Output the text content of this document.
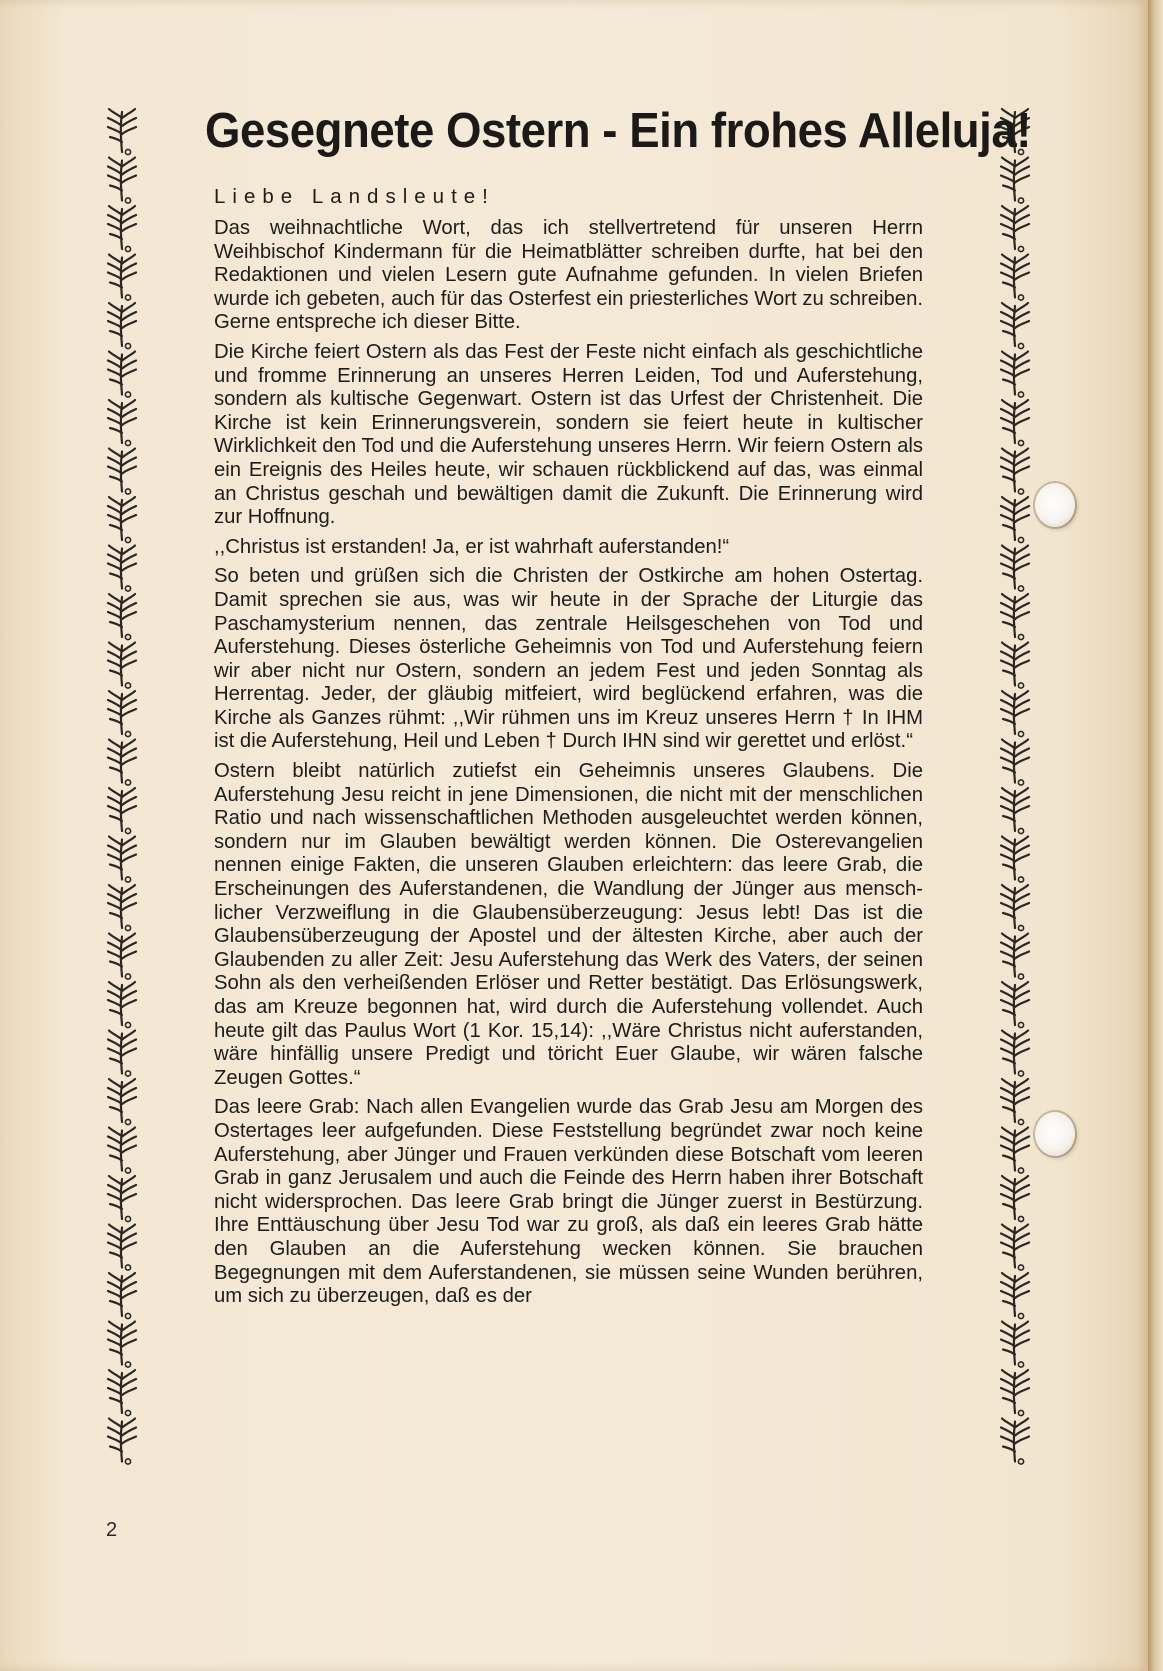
Gesegnete Ostern - Ein frohes Alleluja!
Liebe Landsleute!

Das weihnachtliche Wort, das ich stellvertretend für unseren Herrn Weihbischof Kindermann für die Heimatblätter schreiben durfte, hat bei den Redaktionen und vielen Lesern gute Aufnahme gefunden. In vielen Briefen wurde ich gebeten, auch für das Osterfest ein priesterliches Wort zu schreiben. Gerne entspreche ich dieser Bitte.

Die Kirche feiert Ostern als das Fest der Feste nicht einfach als geschichtliche und fromme Erinnerung an unseres Herren Leiden, Tod und Auferstehung, sondern als kultische Gegenwart. Ostern ist das Urfest der Christenheit. Die Kirche ist kein Erinnerungsverein, sondern sie feiert heute in kultischer Wirklichkeit den Tod und die Auferstehung unseres Herrn. Wir feiern Ostern als ein Ereignis des Heiles heute, wir schauen rückblickend auf das, was einmal an Christus geschah und bewältigen damit die Zukunft. Die Erinnerung wird zur Hoffnung.

,,Christus ist erstanden! Ja, er ist wahrhaft auferstanden!“

So beten und grüßen sich die Christen der Ostkirche am hohen Ostertag. Damit sprechen sie aus, was wir heute in der Sprache der Liturgie das Paschamysterium nennen, das zentrale Heilsgeschehen von Tod und Auferstehung. Dieses österliche Geheimnis von Tod und Auferstehung feiern wir aber nicht nur Ostern, sondern an jedem Fest und jeden Sonntag als Herrentag. Jeder, der gläubig mitfeiert, wird beglückend erfahren, was die Kirche als Ganzes rühmt: ,,Wir rühmen uns im Kreuz unseres Herrn † In IHM ist die Auferstehung, Heil und Leben † Durch IHN sind wir gerettet und erlöst.“

Ostern bleibt natürlich zutiefst ein Geheimnis unseres Glaubens. Die Auferstehung Jesu reicht in jene Dimensionen, die nicht mit der menschlichen Ratio und nach wissenschaftlichen Methoden ausgeleuchtet werden können, sondern nur im Glauben bewältigt werden können. Die Osterevangelien nennen einige Fakten, die unseren Glauben erleichtern: das leere Grab, die Erscheinungen des Auferstandenen, die Wandlung der Jünger aus menschlicher Verzweiflung in die Glaubensüberzeugung: Jesus lebt! Das ist die Glaubensüberzeugung der Apostel und der ältesten Kirche, aber auch der Glaubenden zu aller Zeit: Jesu Auferstehung das Werk des Vaters, der seinen Sohn als den verheißenden Erlöser und Retter bestätigt. Das Erlösungswerk, das am Kreuze begonnen hat, wird durch die Auferstehung vollendet. Auch heute gilt das Paulus Wort (1 Kor. 15,14): ,,Wäre Christus nicht auferstanden, wäre hinfällig unsere Predigt und töricht Euer Glaube, wir wären falsche Zeugen Gottes.“

Das leere Grab: Nach allen Evangelien wurde das Grab Jesu am Morgen des Ostertages leer aufgefunden. Diese Feststellung begründet zwar noch keine Auferstehung, aber Jünger und Frauen verkünden diese Botschaft vom leeren Grab in ganz Jerusalem und auch die Feinde des Herrn haben ihrer Botschaft nicht widersprochen. Das leere Grab bringt die Jünger zuerst in Bestürzung. Ihre Enttäuschung über Jesu Tod war zu groß, als daß ein leeres Grab hätte den Glauben an die Auferstehung wecken können. Sie brauchen Begegnungen mit dem Auferstandenen, sie müssen seine Wunden berühren, um sich zu überzeugen, daß es der

2
